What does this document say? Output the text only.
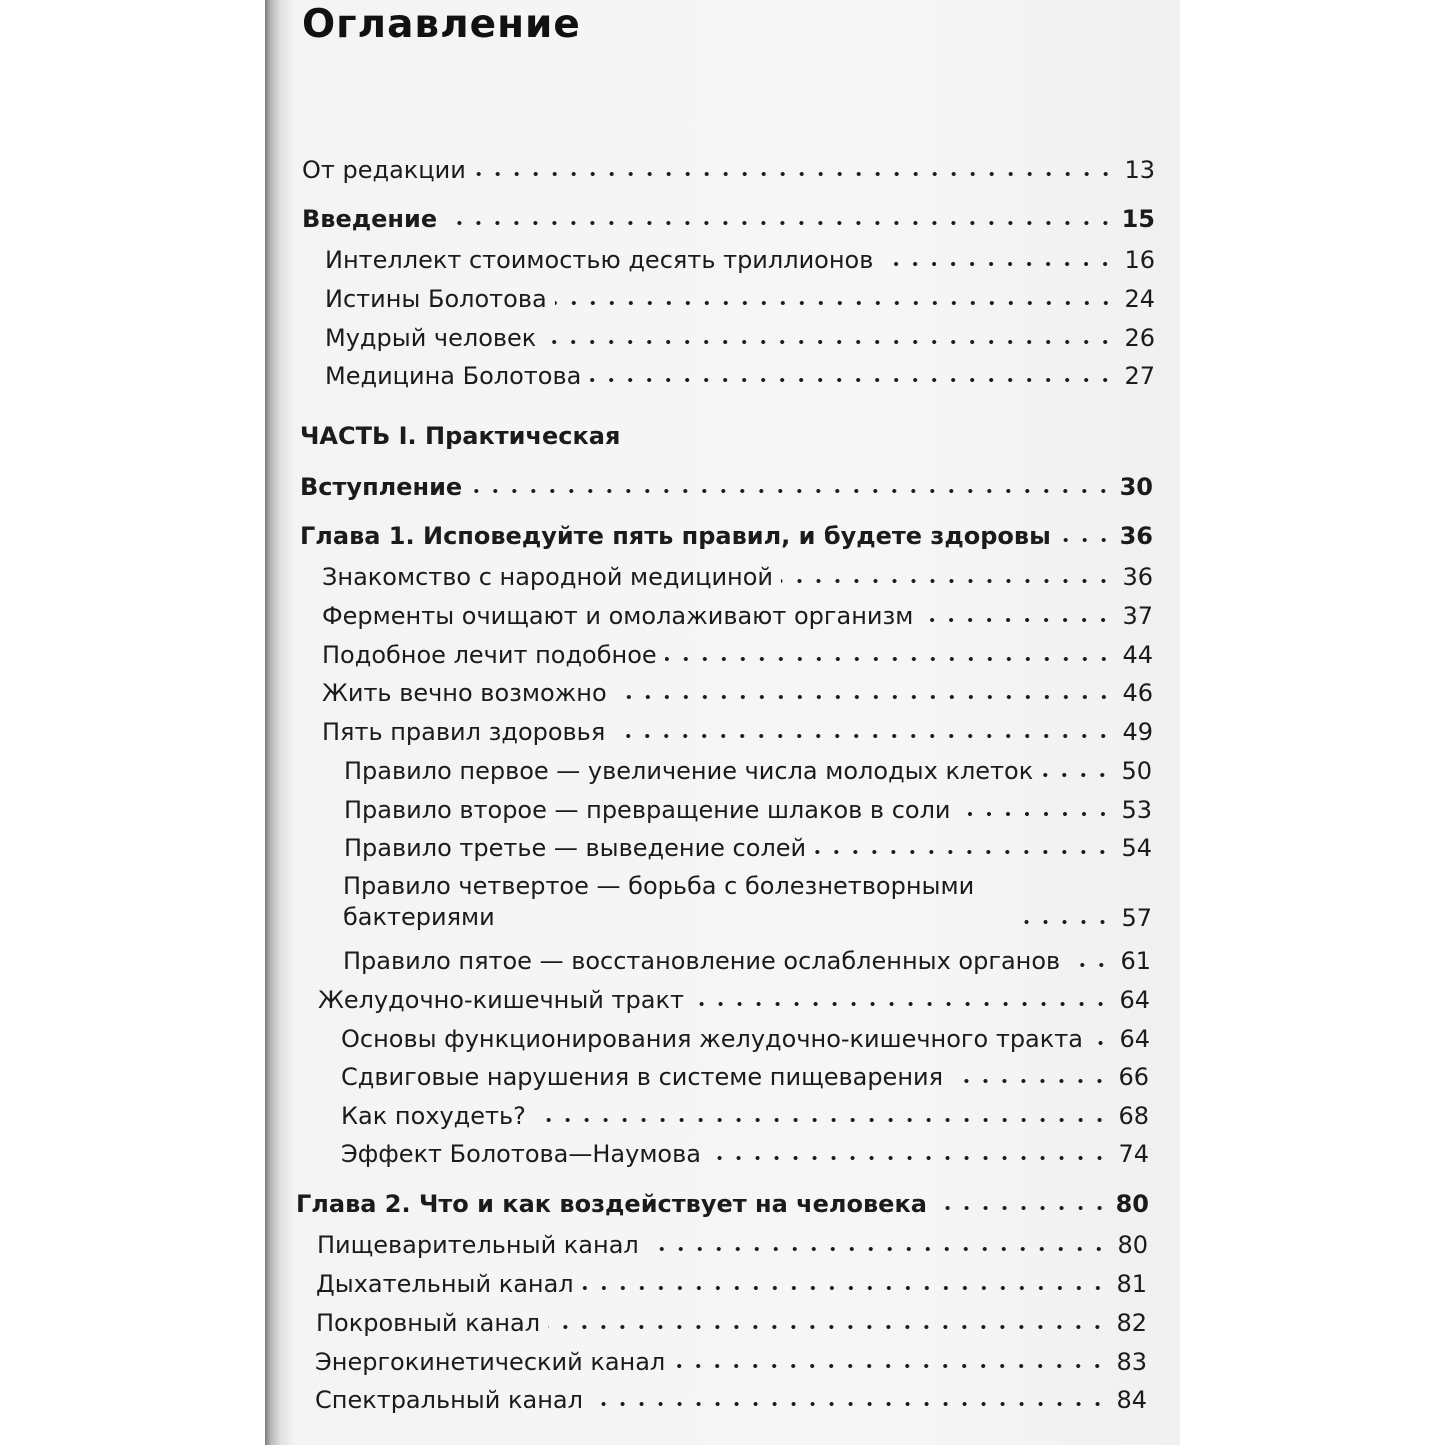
Оглавление
От редакции	13
Введение	15
Интеллект стоимостью десять триллионов	16
Истины Болотова	24
Мудрый человек	26
Медицина Болотова	27
ЧАСТЬ I. Практическая
Вступление	30
Глава 1. Исповедуйте пять правил, и будете здоровы	36
Знакомство с народной медициной	36
Ферменты очищают и омолаживают организм	37
Подобное лечит подобное	44
Жить вечно возможно	46
Пять правил здоровья	49
Правило первое — увеличение числа молодых клеток	50
Правило второе — превращение шлаков в соли	53
Правило третье — выведение солей	54
Правило четвертое — борьба с болезнетворными бактериями	57
Правило пятое — восстановление ослабленных органов	61
Желудочно-кишечный тракт	64
Основы функционирования желудочно-кишечного тракта 64
Сдвиговые нарушения в системе пищеварения	66
Как похудеть?	68
Эффект Болотова—Наумова	74
Глава 2. Что и как воздействует на человека	80
Пищеварительный канал	80
Дыхательный канал	81
Покровный канал	82
Энергокинетический канал	83
Спектральный канал	84
